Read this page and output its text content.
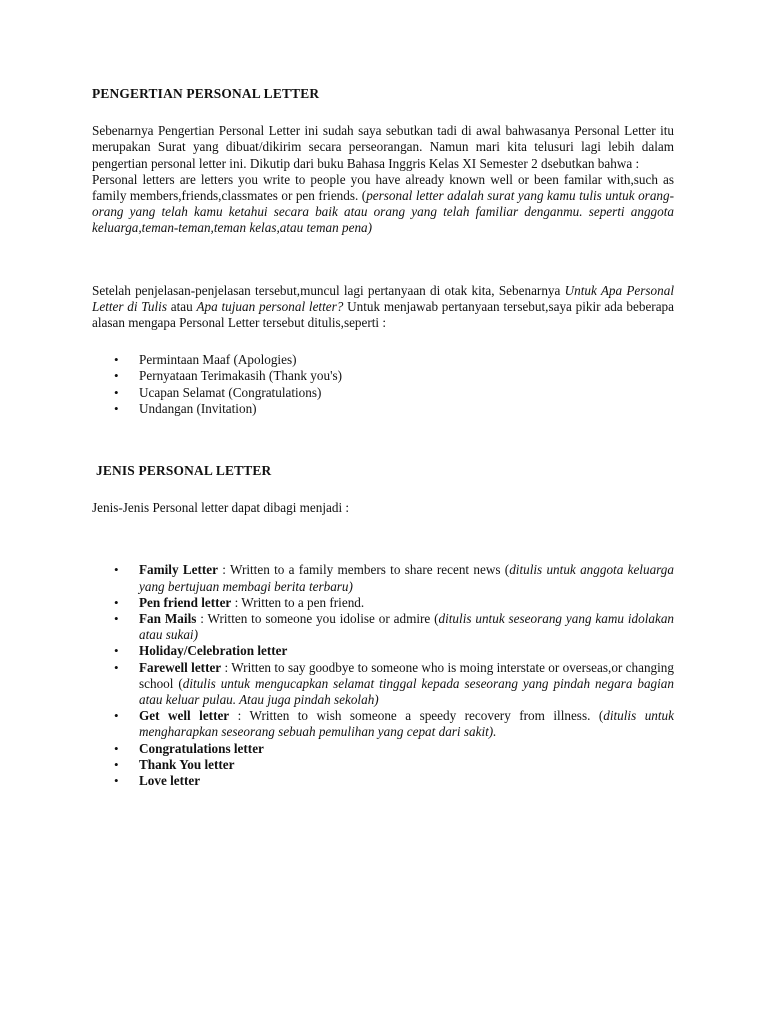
PENGERTIAN PERSONAL LETTER

Sebenarnya Pengertian Personal Letter ini sudah saya sebutkan tadi di awal bahwasanya Personal Letter itu merupakan Surat yang dibuat/dikirim secara perseorangan. Namun mari kita telusuri lagi lebih dalam pengertian personal letter ini. Dikutip dari buku Bahasa Inggris Kelas XI Semester 2 dsebutkan bahwa :

Personal letters are letters you write to people you have already known well or been familar with,such as family members,friends,classmates or pen friends. (personal letter adalah surat yang kamu tulis untuk orang-orang yang telah kamu ketahui secara baik atau orang yang telah familiar denganmu. seperti anggota keluarga,teman-teman,teman kelas,atau teman pena)

Setelah penjelasan-penjelasan tersebut,muncul lagi pertanyaan di otak kita, Sebenarnya Untuk Apa Personal Letter di Tulis atau Apa tujuan personal letter? Untuk menjawab pertanyaan tersebut,saya pikir ada beberapa alasan mengapa Personal Letter tersebut ditulis,seperti :

• Permintaan Maaf (Apologies)
• Pernyataan Terimakasih (Thank you's)
• Ucapan Selamat (Congratulations)
• Undangan (Invitation)
JENIS PERSONAL LETTER

Jenis-Jenis Personal letter dapat dibagi menjadi :

• Family Letter : Written to a family members to share recent news (ditulis untuk anggota keluarga yang bertujuan membagi berita terbaru)
• Pen friend letter : Written to a pen friend.
• Fan Mails : Written to someone you idolise or admire (ditulis untuk seseorang yang kamu idolakan atau sukai)
• Holiday/Celebration letter
• Farewell letter : Written to say goodbye to someone who is moing interstate or overseas,or changing school (ditulis untuk mengucapkan selamat tinggal kepada seseorang yang pindah negara bagian atau keluar pulau. Atau juga pindah sekolah)
• Get well letter : Written to wish someone a speedy recovery from illness. (ditulis untuk mengharapkan seseorang sebuah pemulihan yang cepat dari sakit).
• Congratulations letter
• Thank You letter
• Love letter
